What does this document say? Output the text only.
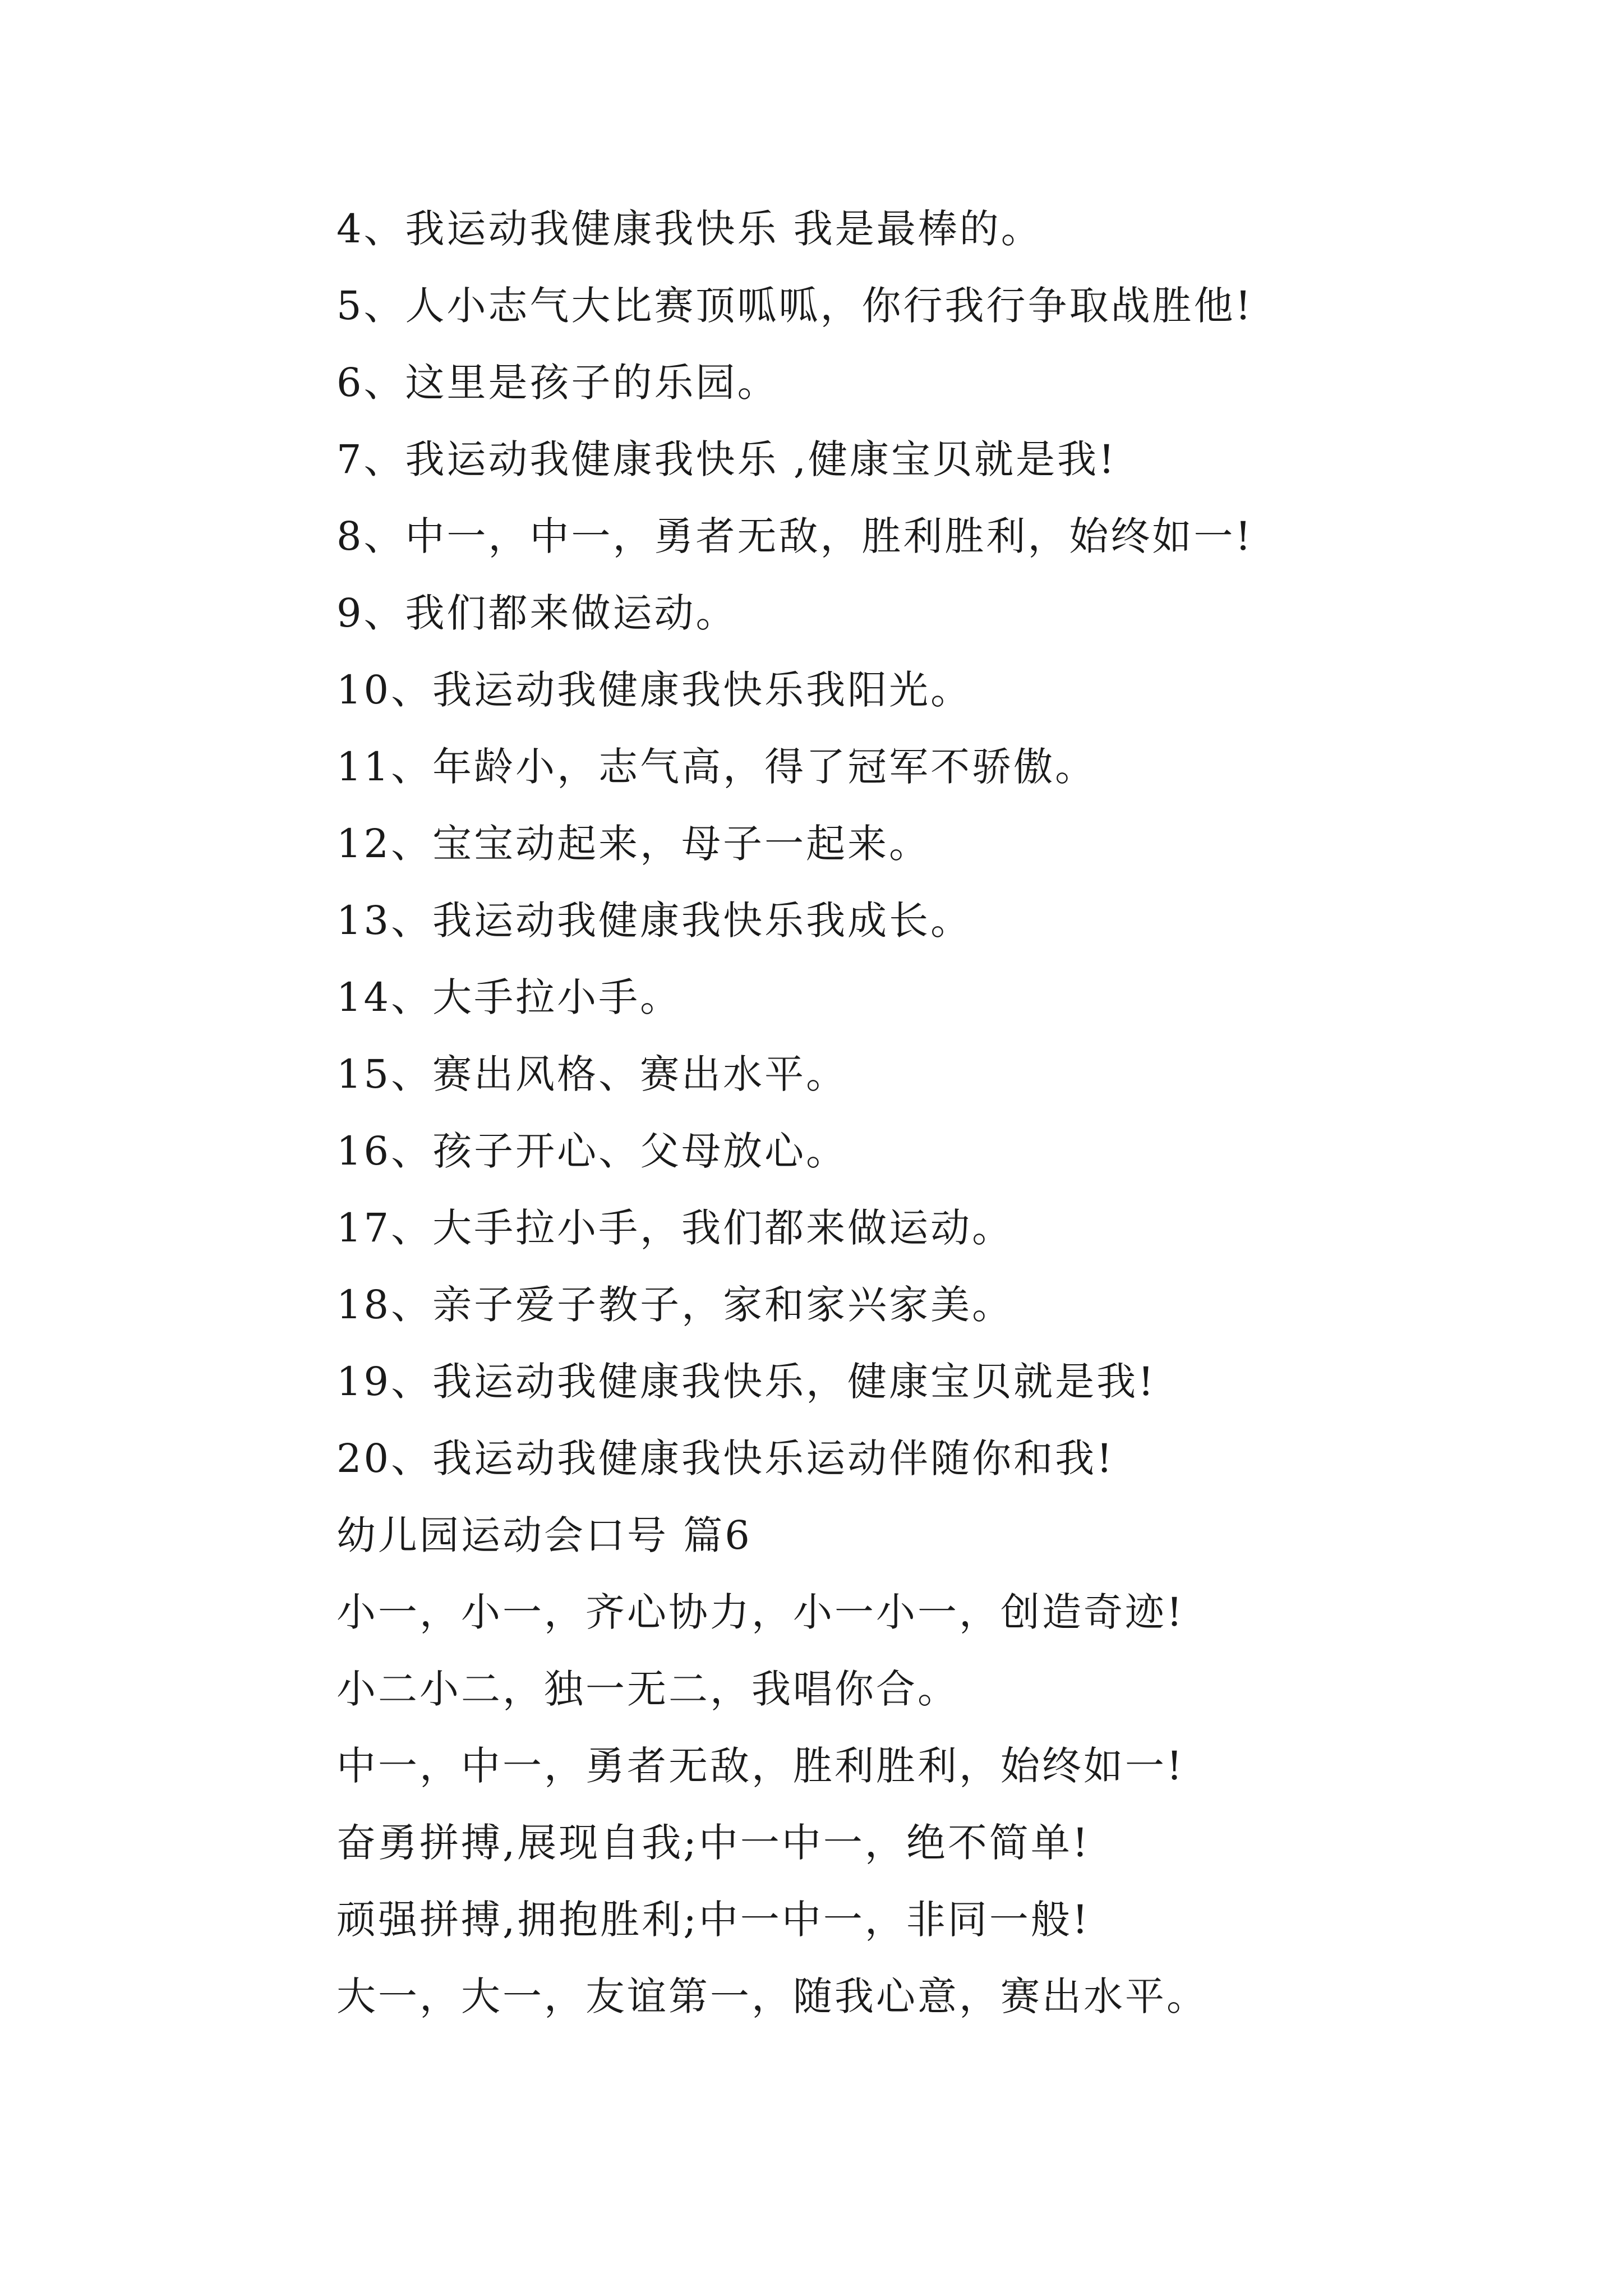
4、我运动我健康我快乐 我是最棒的。
5、人小志气大比赛顶呱呱，你行我行争取战胜他!
6、这里是孩子的乐园。
7、我运动我健康我快乐 ,健康宝贝就是我!
8、中一，中一，勇者无敌，胜利胜利，始终如一!
9、我们都来做运动。
10、我运动我健康我快乐我阳光。
11、年龄小，志气高，得了冠军不骄傲。
12、宝宝动起来，母子一起来。
13、我运动我健康我快乐我成长。
14、大手拉小手。
15、赛出风格、赛出水平。
16、孩子开心、父母放心。
17、大手拉小手，我们都来做运动。
18、亲子爱子教子，家和家兴家美。
19、我运动我健康我快乐，健康宝贝就是我!
20、我运动我健康我快乐运动伴随你和我!
幼儿园运动会口号 篇6
小一，小一，齐心协力，小一小一，创造奇迹!
小二小二，独一无二，我唱你合。
中一，中一，勇者无敌，胜利胜利，始终如一!
奋勇拼搏,展现自我;中一中一，绝不简单!
顽强拼搏,拥抱胜利;中一中一，非同一般!
大一，大一，友谊第一，随我心意，赛出水平。
